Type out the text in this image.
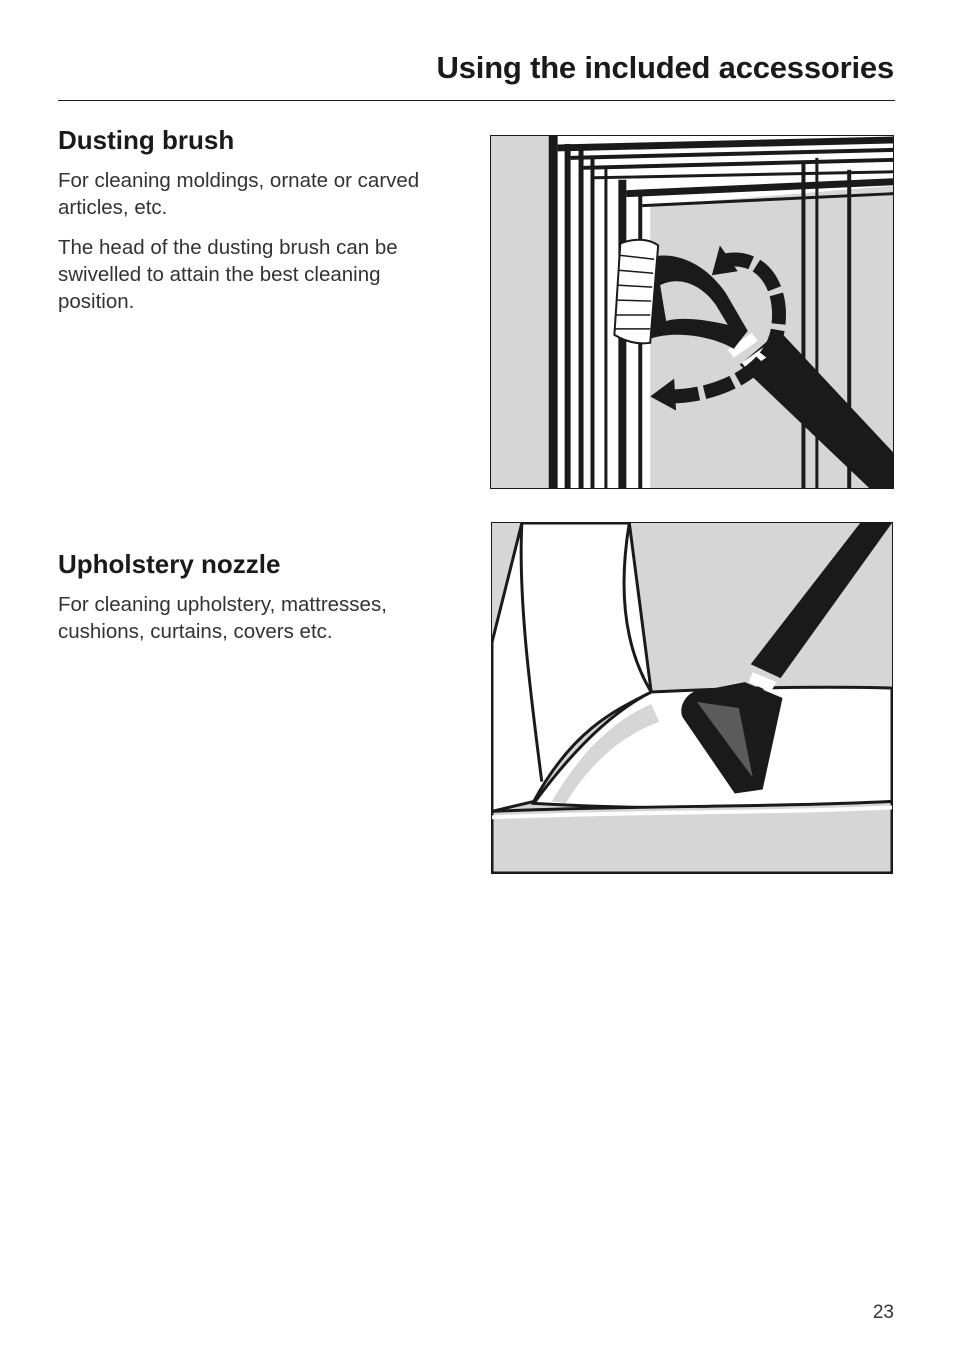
Using the included accessories
Dusting brush

For cleaning moldings, ornate or carved articles, etc.

The head of the dusting brush can be swivelled to attain the best cleaning position.

Upholstery nozzle

For cleaning upholstery, mattresses, cushions, curtains, covers etc.

23
